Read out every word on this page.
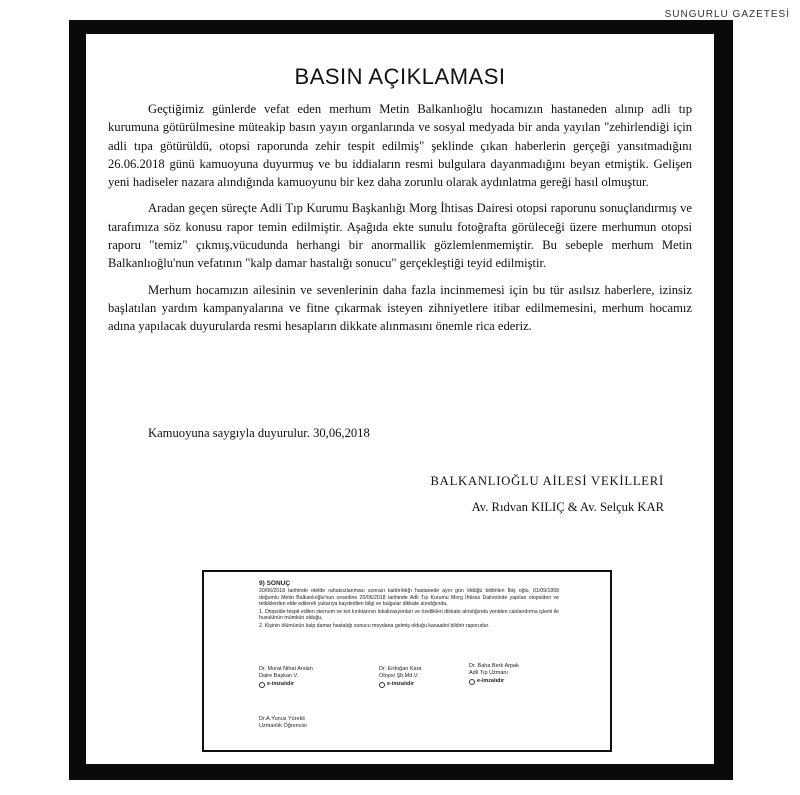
SUNGURLU GAZETESİ
BASIN AÇIKLAMASI

Geçtiğimiz günlerde vefat eden merhum Metin Balkanlıoğlu hocamızın hastaneden alınıp adli tıp kurumuna götürülmesine müteakip basın yayın organlarında ve sosyal medyada bir anda yayılan "zehirlendiği için adli tıpa götürüldü, otopsi raporunda zehir tespit edilmiş" şeklinde çıkan haberlerin gerçeği yansıtmadığını 26.06.2018 günü kamuoyuna duyurmuş ve bu iddiaların resmi bulgulara dayanmadığını beyan etmiştik. Gelişen yeni hadiseler nazara alındığında kamuoyunu bir kez daha zorunlu olarak aydınlatma gereği hasıl olmuştur.

Aradan geçen süreçte Adli Tıp Kurumu Başkanlığı Morg İhtisas Dairesi otopsi raporunu sonuçlandırmış ve tarafımıza söz konusu rapor temin edilmiştir. Aşağıda ekte sunulu fotoğrafta görüleceği üzere merhumun otopsi raporu "temiz" çıkmış,vücudunda herhangi bir anormallik gözlemlenmemiştir. Bu sebeple merhum Metin Balkanlıoğlu'nun vefatının "kalp damar hastalığı sonucu" gerçekleştiği teyid edilmiştir.

Merhum hocamızın ailesinin ve sevenlerinin daha fazla incinmemesi için bu tür asılsız haberlere, izinsiz başlatılan yardım kampanyalarına ve fitne çıkarmak isteyen zihniyetlere itibar edilmemesini, merhum hocamız adına yapılacak duyurularda resmi hesapların dikkate alınmasını önemle rica ederiz.

Kamuoyuna saygıyla duyurulur. 30,06,2018
BALKANLIOĞLU AİLESİ VEKİLLERİ
Av. Rıdvan KILIÇ & Av. Selçuk KAR
9) SONUÇ
20/06/2018 tarihinde otelde rahatsızlanması sonrası kaldırıldığı hastanede aynı gün öldüğü bildirilen İbiş oğlu, 01/09/1958 doğumlu Metin Balkanlıoğlu'nun cesedine 20/06/2018 tarihinde Adli Tıp Kurumu Morg İhtisas Dairesinde yapılan otopsiden ve tetkiklerden elde edilerek yukarıya kaydedilen bilgi ve bulgular dikkate alındığında,
1. Otopside tespit edilen sternum ve kot kırıklarının lokalizasyonları ve özellikleri dikkate alındığında yeniden canlandırma işlemi ile husulünün mümkün olduğu,
2. Kişinin ölümünün kalp damar hastalığı sonucu meydana gelmiş olduğu kanaatini bildirir raporudur.
Dr. Murat Nihat Arslan
Daire Başkan V.
e-imzalıdır
Dr. Erdoğan Kara
Otopsi Şb.Md.V.
e-imzalıdır
Dr. Baha Berk Arpak
Adli Tıp Uzmanı
e-imzalıdır
Dr.A.Yunus Yürekli
Uzmanlık Öğrencisi
